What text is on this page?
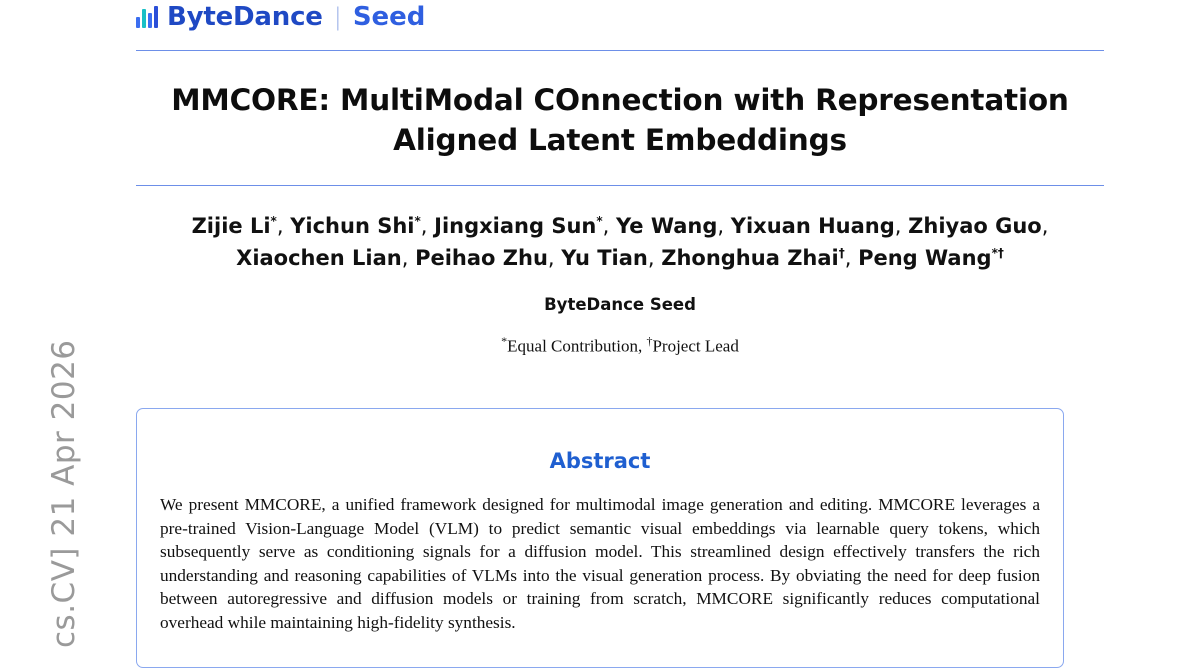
cs.CV] 21 Apr 2026
ByteDance | Seed
MMCORE: MultiModal COnnection with Representation Aligned Latent Embeddings
Zijie Li*, Yichun Shi*, Jingxiang Sun*, Ye Wang, Yixuan Huang, Zhiyao Guo,
Xiaochen Lian, Peihao Zhu, Yu Tian, Zhonghua Zhai†, Peng Wang*†
ByteDance Seed
*Equal Contribution, †Project Lead
Abstract
We present MMCORE, a unified framework designed for multimodal image generation and editing. MMCORE leverages a pre-trained Vision-Language Model (VLM) to predict semantic visual embeddings via learnable query tokens, which subsequently serve as conditioning signals for a diffusion model. This streamlined design effectively transfers the rich understanding and reasoning capabilities of VLMs into the visual generation process. By obviating the need for deep fusion between autoregressive and diffusion models or training from scratch, MMCORE significantly reduces computational overhead while maintaining high-fidelity synthesis.
